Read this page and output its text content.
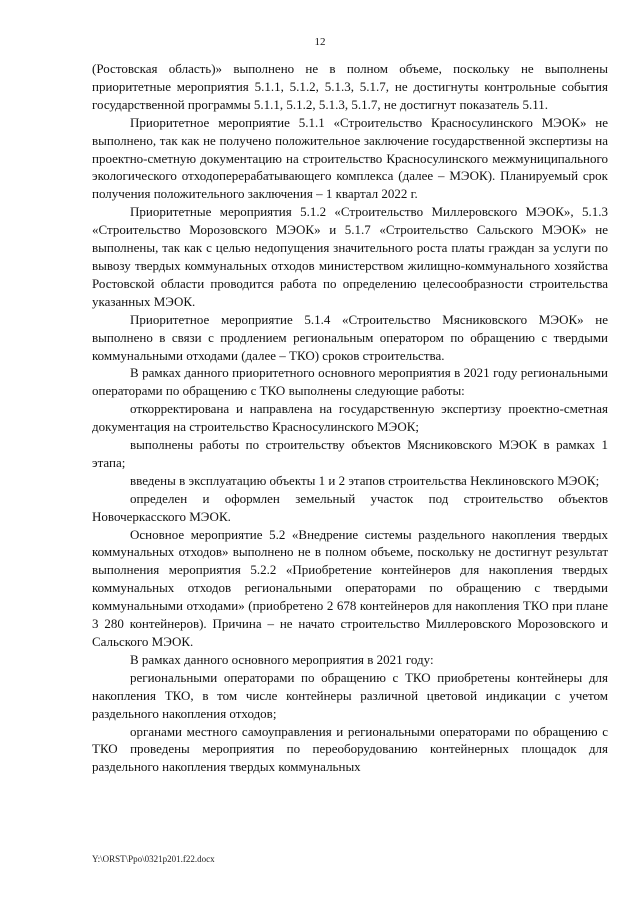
12

(Ростовская область)» выполнено не в полном объеме, поскольку не выполнены приоритетные мероприятия 5.1.1, 5.1.2, 5.1.3, 5.1.7, не достигнуты контрольные события государственной программы 5.1.1, 5.1.2, 5.1.3, 5.1.7, не достигнут показатель 5.11.

Приоритетное мероприятие 5.1.1 «Строительство Красносулинского МЭОК» не выполнено, так как не получено положительное заключение государственной экспертизы на проектно-сметную документацию на строительство Красносулинского межмуниципального экологического отходоперерабатывающего комплекса (далее – МЭОК). Планируемый срок получения положительного заключения – 1 квартал 2022 г.

Приоритетные мероприятия 5.1.2 «Строительство Миллеровского МЭОК», 5.1.3 «Строительство Морозовского МЭОК» и 5.1.7 «Строительство Сальского МЭОК» не выполнены, так как с целью недопущения значительного роста платы граждан за услуги по вывозу твердых коммунальных отходов министерством жилищно-коммунального хозяйства Ростовской области проводится работа по определению целесообразности строительства указанных МЭОК.

Приоритетное мероприятие 5.1.4 «Строительство Мясниковского МЭОК» не выполнено в связи с продлением региональным оператором по обращению с твердыми коммунальными отходами (далее – ТКО) сроков строительства.

В рамках данного приоритетного основного мероприятия в 2021 году региональными операторами по обращению с ТКО выполнены следующие работы:

откорректирована и направлена на государственную экспертизу проектно-сметная документация на строительство Красносулинского МЭОК;

выполнены работы по строительству объектов Мясниковского МЭОК в рамках 1 этапа;

введены в эксплуатацию объекты 1 и 2 этапов строительства Неклиновского МЭОК;

определен и оформлен земельный участок под строительство объектов Новочеркасского МЭОК.

Основное мероприятие 5.2 «Внедрение системы раздельного накопления твердых коммунальных отходов» выполнено не в полном объеме, поскольку не достигнут результат выполнения мероприятия 5.2.2 «Приобретение контейнеров для накопления твердых коммунальных отходов региональными операторами по обращению с твердыми коммунальными отходами» (приобретено 2 678 контейнеров для накопления ТКО при плане 3 280 контейнеров). Причина – не начато строительство Миллеровского Морозовского и Сальского МЭОК.

В рамках данного основного мероприятия в 2021 году:

региональными операторами по обращению с ТКО приобретены контейнеры для накопления ТКО, в том числе контейнеры различной цветовой индикации с учетом раздельного накопления отходов;

органами местного самоуправления и региональными операторами по обращению с ТКО проведены мероприятия по переоборудованию контейнерных площадок для раздельного накопления твердых коммунальных

Y:\ORST\Ppo\0321p201.f22.docx
